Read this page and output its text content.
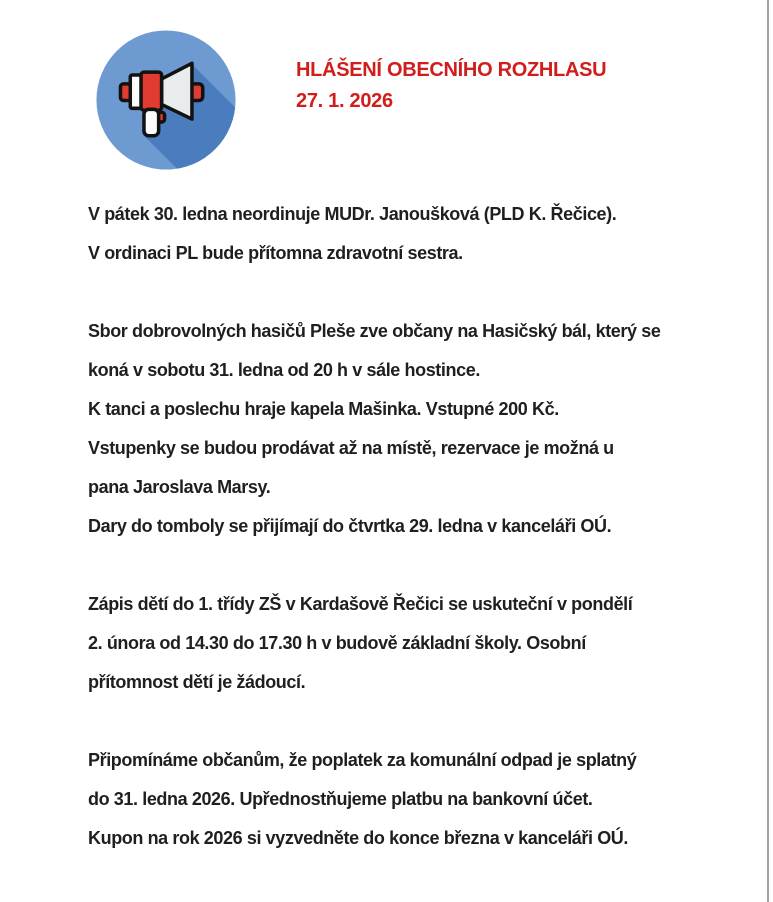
HLÁŠENÍ OBECNÍHO ROZHLASU
27. 1. 2026
V pátek 30. ledna neordinuje MUDr. Janoušková (PLD K. Řečice).
V ordinaci PL bude přítomna zdravotní sestra.
Sbor dobrovolných hasičů Pleše zve občany na Hasičský bál, který se
koná v sobotu 31. ledna od 20 h v sále hostince.
K tanci a poslechu hraje kapela Mašinka. Vstupné 200 Kč.
Vstupenky se budou prodávat až na místě, rezervace je možná u
pana Jaroslava Marsy.
Dary do tomboly se přijímají do čtvrtka 29. ledna v kanceláři OÚ.
Zápis dětí do 1. třídy ZŠ v Kardašově Řečici se uskuteční v pondělí
2. února od 14.30 do 17.30 h v budově základní školy. Osobní
přítomnost dětí je žádoucí.
Připomínáme občanům, že poplatek za komunální odpad je splatný
do 31. ledna 2026. Upřednostňujeme platbu na bankovní účet.
Kupon na rok 2026 si vyzvedněte do konce března v kanceláři OÚ.
